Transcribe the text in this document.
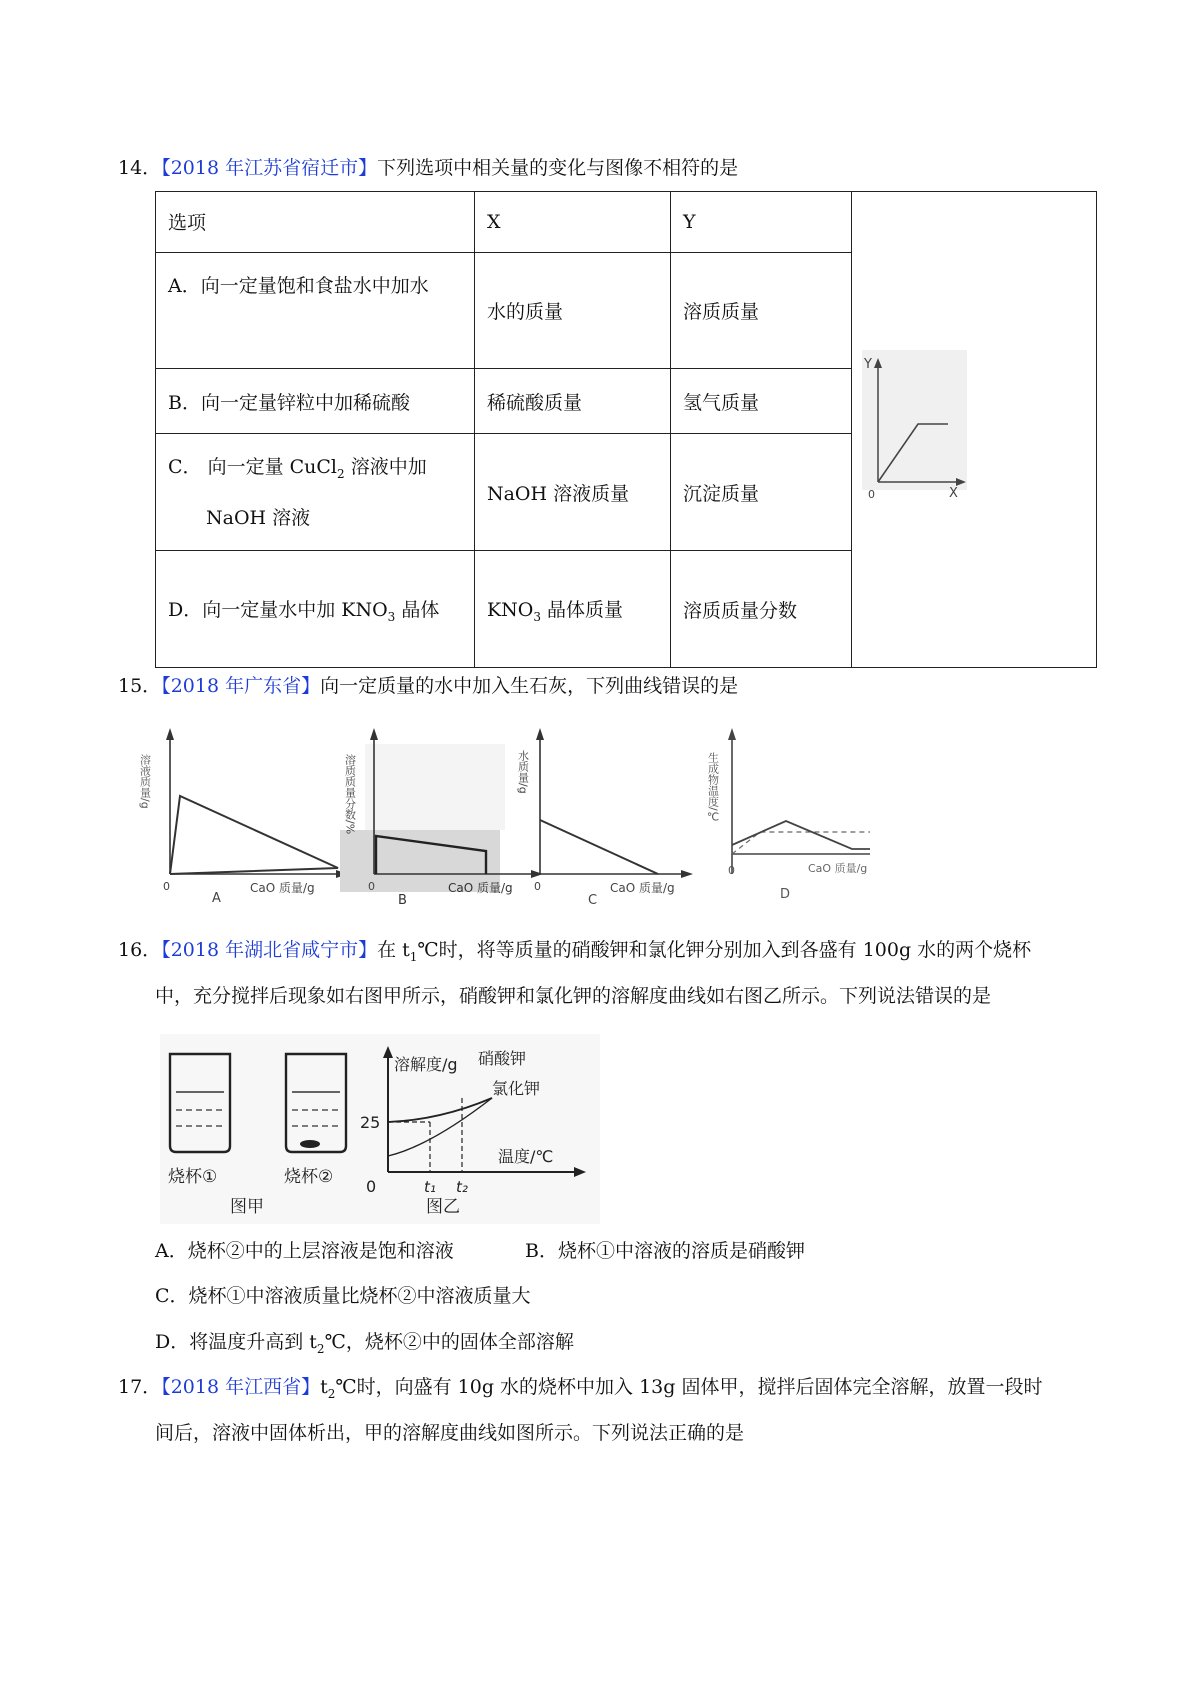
14．【2018 年江苏省宿迁市】下列选项中相关量的变化与图像不相符的是
选项	X	Y	Y
X
0

A．向一定量饱和食盐水中加水	水的质量	溶质质量	
B．向一定量锌粒中加稀硫酸	稀硫酸质量	氢气质量	
C． 向一定量 CuCl$_2$ 溶液中加
NaOH 溶液	NaOH 溶液质量	沉淀质量	
D．向一定量水中加 $KNO_3$ 晶体	$KNO_3$ 晶体质量	溶质质量分数	
15．【2018 年广东省】向一定质量的水中加入生石灰，下列曲线错误的是
溶液质量/g
0	CaO 质量/g
A
溶质质量分数/%
0	CaO 质量/g
B
水质量/g
0	CaO 质量/g
C
生成物温度/℃
0	CaO 质量/g
D
16．【2018 年湖北省咸宁市】在 $t_1℃$时，将等质量的硝酸钾和氯化钾分别加入到各盛有 100g 水的两个烧杯
中，充分搅拌后现象如右图甲所示，硝酸钾和氯化钾的溶解度曲线如右图乙所示。下列说法错误的是
烧杯①	烧杯②
图甲
溶解度/g 硝酸钾
氯化钾
25
温度/℃
0	t₁ t₂
图乙
A．烧杯②中的上层溶液是饱和溶液	B．烧杯①中溶液的溶质是硝酸钾
C．烧杯①中溶液质量比烧杯②中溶液质量大
D．将温度升高到 $t_2℃$，烧杯②中的固体全部溶解
17．【2018 年江西省】$t_2℃$时，向盛有 10g 水的烧杯中加入 13g 固体甲，搅拌后固体完全溶解，放置一段时
间后，溶液中固体析出，甲的溶解度曲线如图所示。下列说法正确的是
